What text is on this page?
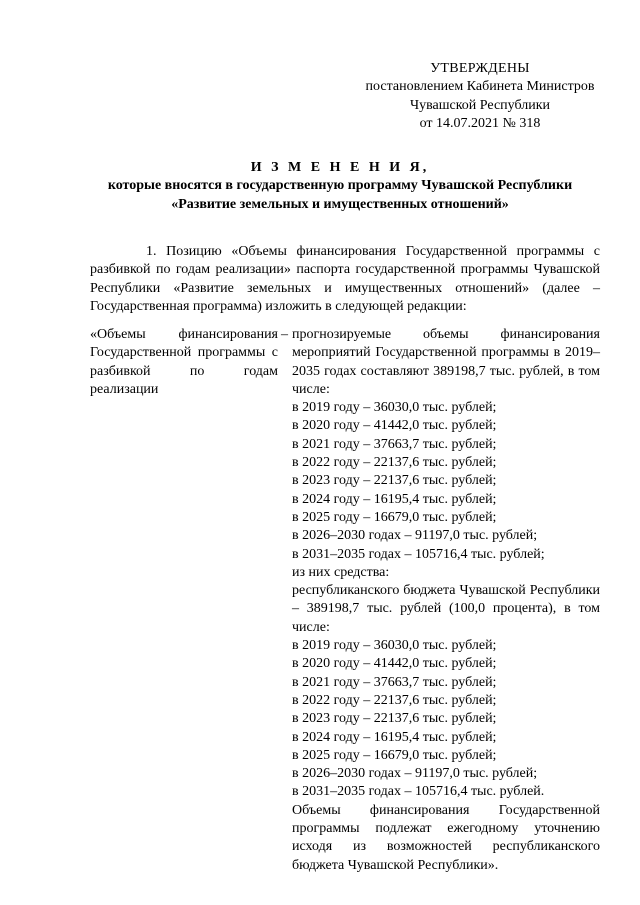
УТВЕРЖДЕНЫ
постановлением Кабинета Министров
Чувашской Республики
от 14.07.2021 № 318
И З М Е Н Е Н И Я,
которые вносятся в государственную программу Чувашской Республики
«Развитие земельных и имущественных отношений»
1. Позицию «Объемы финансирования Государственной программы с разбивкой по годам реализации» паспорта государственной программы Чувашской Республики «Развитие земельных и имущественных отношений» (далее – Государственная программа) изложить в следующей редакции:
«Объемы финансирования Государственной программы с разбивкой по годам реализации
– прогнозируемые объемы финансирования мероприятий Государственной программы в 2019–2035 годах составляют 389198,7 тыс. рублей, в том числе:
в 2019 году – 36030,0 тыс. рублей;
в 2020 году – 41442,0 тыс. рублей;
в 2021 году – 37663,7 тыс. рублей;
в 2022 году – 22137,6 тыс. рублей;
в 2023 году – 22137,6 тыс. рублей;
в 2024 году – 16195,4 тыс. рублей;
в 2025 году – 16679,0 тыс. рублей;
в 2026–2030 годах – 91197,0 тыс. рублей;
в 2031–2035 годах – 105716,4 тыс. рублей;
из них средства:
республиканского бюджета Чувашской Республики – 389198,7 тыс. рублей (100,0 процента), в том числе:
в 2019 году – 36030,0 тыс. рублей;
в 2020 году – 41442,0 тыс. рублей;
в 2021 году – 37663,7 тыс. рублей;
в 2022 году – 22137,6 тыс. рублей;
в 2023 году – 22137,6 тыс. рублей;
в 2024 году – 16195,4 тыс. рублей;
в 2025 году – 16679,0 тыс. рублей;
в 2026–2030 годах – 91197,0 тыс. рублей;
в 2031–2035 годах – 105716,4 тыс. рублей.
Объемы финансирования Государственной программы подлежат ежегодному уточнению исходя из возможностей республиканского бюджета Чувашской Республики».
